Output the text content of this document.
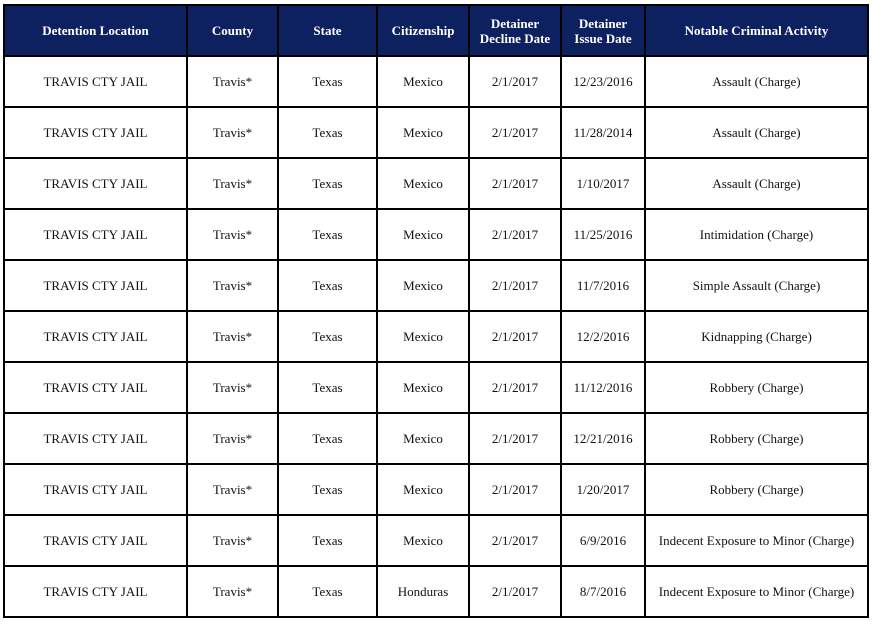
Detention Location	County	State	Citizenship	Detainer Decline Date	Detainer Issue Date	Notable Criminal Activity
TRAVIS CTY JAIL	Travis*	Texas	Mexico	2/1/2017	12/23/2016	Assault (Charge)
TRAVIS CTY JAIL	Travis*	Texas	Mexico	2/1/2017	11/28/2014	Assault (Charge)
TRAVIS CTY JAIL	Travis*	Texas	Mexico	2/1/2017	1/10/2017	Assault (Charge)
TRAVIS CTY JAIL	Travis*	Texas	Mexico	2/1/2017	11/25/2016	Intimidation (Charge)
TRAVIS CTY JAIL	Travis*	Texas	Mexico	2/1/2017	11/7/2016	Simple Assault (Charge)
TRAVIS CTY JAIL	Travis*	Texas	Mexico	2/1/2017	12/2/2016	Kidnapping (Charge)
TRAVIS CTY JAIL	Travis*	Texas	Mexico	2/1/2017	11/12/2016	Robbery (Charge)
TRAVIS CTY JAIL	Travis*	Texas	Mexico	2/1/2017	12/21/2016	Robbery (Charge)
TRAVIS CTY JAIL	Travis*	Texas	Mexico	2/1/2017	1/20/2017	Robbery (Charge)
TRAVIS CTY JAIL	Travis*	Texas	Mexico	2/1/2017	6/9/2016	Indecent Exposure to Minor (Charge)
TRAVIS CTY JAIL	Travis*	Texas	Honduras	2/1/2017	8/7/2016	Indecent Exposure to Minor (Charge)
